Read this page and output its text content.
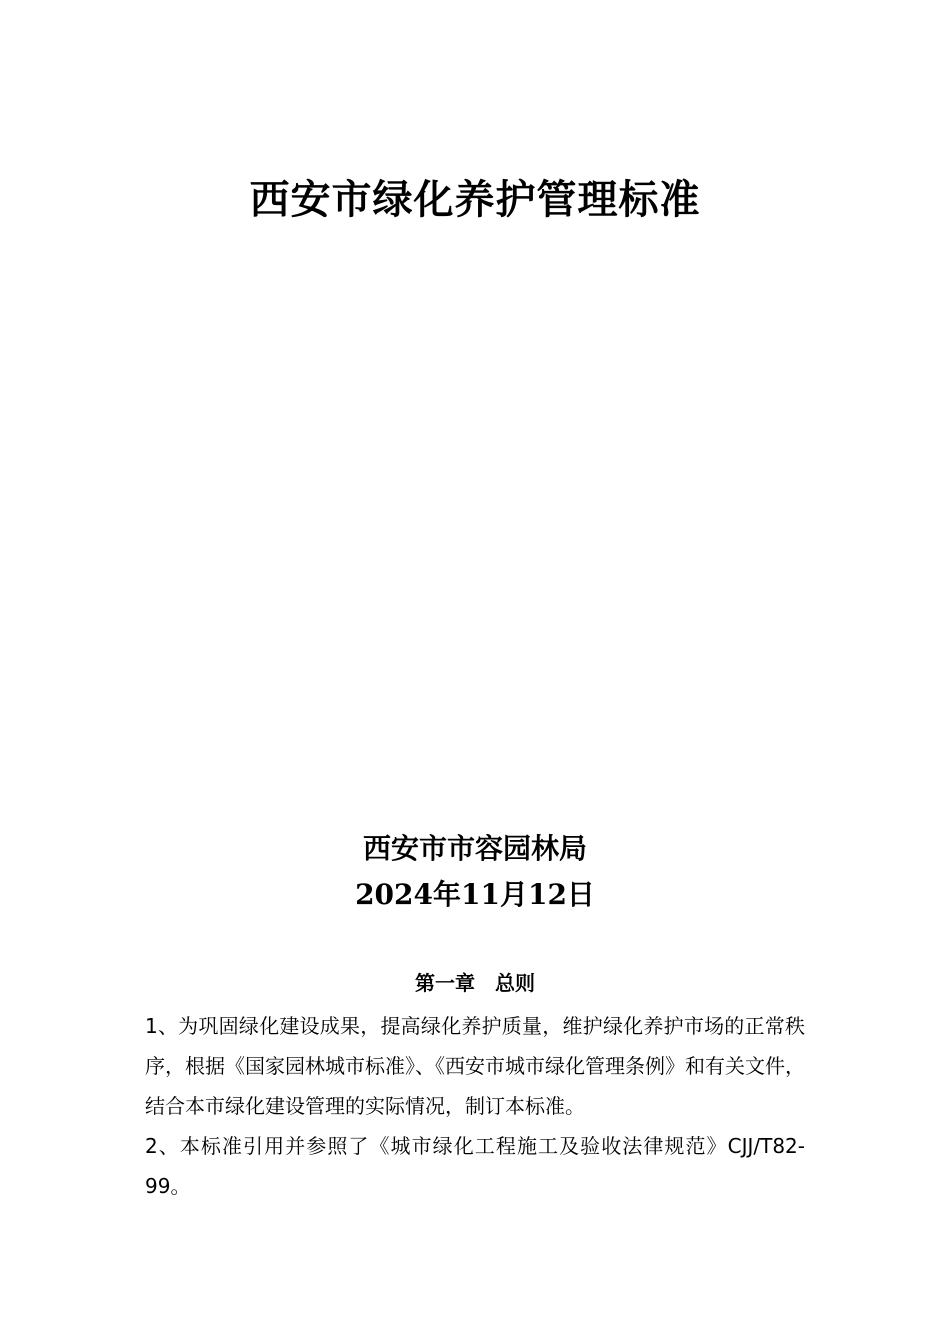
西安市绿化养护管理标准
西安市市容园林局
2024年11月12日
第一章　总则

1、为巩固绿化建设成果，提高绿化养护质量，维护绿化养护市场的正常秩序，根据《国家园林城市标准》、《西安市城市绿化管理条例》和有关文件，结合本市绿化建设管理的实际情况，制订本标准。

2、本标准引用并参照了《城市绿化工程施工及验收法律规范》CJJ/T82-99。
